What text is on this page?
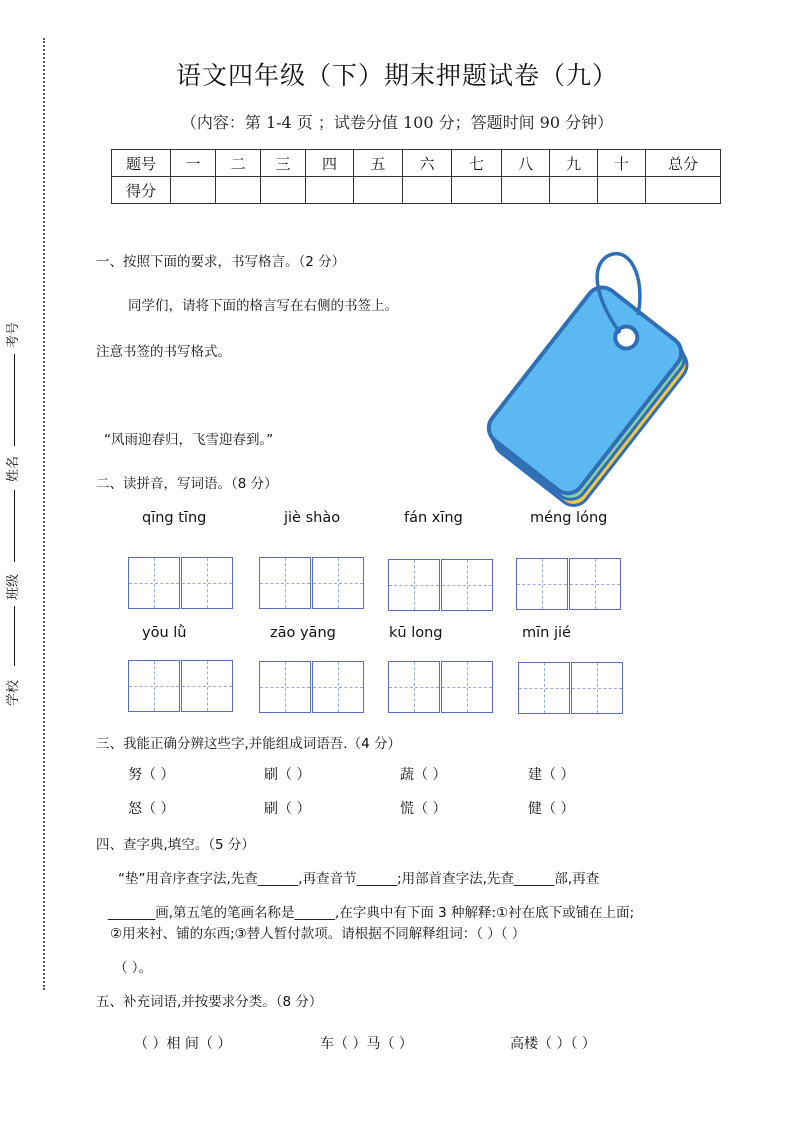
考号
姓名
班级
学校
语文四年级（下）期末押题试卷（九）
（内容：第 1-4 页 ；试卷分值 100 分；答题时间 90 分钟）
题号	一	二	三	四	五	六	七	八	九	十	总分
得分											
一、按照下面的要求，书写格言。（2 分）
同学们，请将下面的格言写在右侧的书签上。
注意书签的书写格式。
“风雨迎春归，飞雪迎春到。”
二、读拼音，写词语。（8 分）
qīng tīng	jiè shào	fán xīng	méng lóng
yōu lǜ	zāo yāng	kū long	mīn jié
三、我能正确分辨这些字,并能组成词语吾.（4 分）
努（ ）	刷（ ）	蔬（ ）	建（ ）
怒（ ）	刷（ ）	慌（ ）	健（ ）
四、查字典,填空。（5 分）
“垫”用音序查字法,先查______,再查音节______;用部首查字法,先查______部,再查
_______画,第五笔的笔画名称是______,在字典中有下面 3 种解释:①衬在底下或铺在上面;
②用来衬、铺的东西;③替人暂付款项。请根据不同解释组词：（ ）（ ）
（ ）。
五、补充词语,并按要求分类。（8 分）
（ ）相 间（ ）	车（ ）马（ ）	高楼（ ）（ ）
